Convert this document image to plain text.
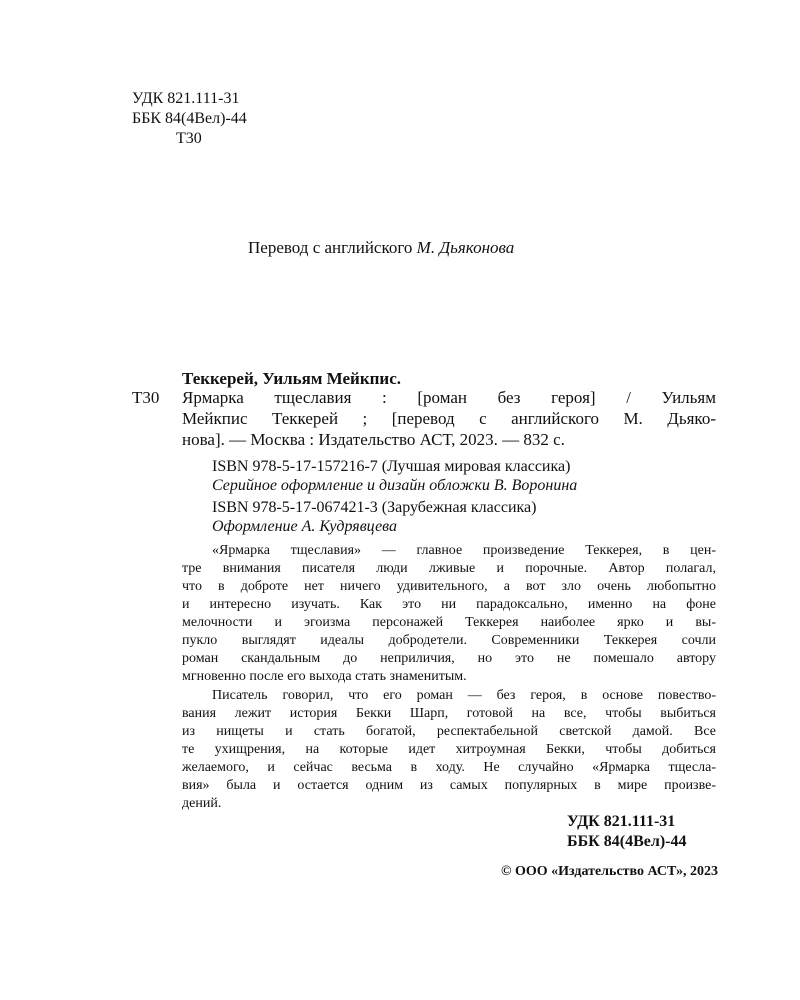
УДК 821.111-31
ББК 84(4Вел)-44
Т30
Перевод с английского М. Дьяконова
Теккерей, Уильям Мейкпис.
Т30 Ярмарка тщеславия : [роман без героя] / Уильям
Мейкпис Теккерей ; [перевод с английского М. Дьяко-
нова]. — Москва : Издательство АСТ, 2023. — 832 с.
ISBN 978-5-17-157216-7 (Лучшая мировая классика)
Серийное оформление и дизайн обложки В. Воронина
ISBN 978-5-17-067421-3 (Зарубежная классика)
Оформление А. Кудрявцева
«Ярмарка тщеславия» — главное произведение Теккерея, в цен-
тре внимания писателя люди лживые и порочные. Автор полагал,
что в доброте нет ничего удивительного, а вот зло очень любопытно
и интересно изучать. Как это ни парадоксально, именно на фоне
мелочности и эгоизма персонажей Теккерея наиболее ярко и вы-
пукло выглядят идеалы добродетели. Современники Теккерея сочли
роман скандальным до неприличия, но это не помешало автору
мгновенно после его выхода стать знаменитым.
Писатель говорил, что его роман — без героя, в основе повество-
вания лежит история Бекки Шарп, готовой на все, чтобы выбиться
из нищеты и стать богатой, респектабельной светской дамой. Все
те ухищрения, на которые идет хитроумная Бекки, чтобы добиться
желаемого, и сейчас весьма в ходу. Не случайно «Ярмарка тщесла-
вия» была и остается одним из самых популярных в мире произве-
дений.
УДК 821.111-31
ББК 84(4Вел)-44
© ООО «Издательство АСТ», 2023
